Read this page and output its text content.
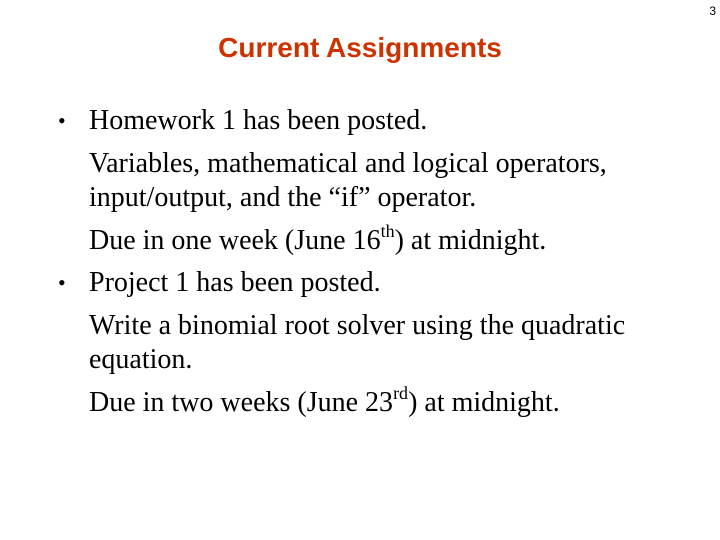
3
Current Assignments
• Homework 1 has been posted.
Variables, mathematical and logical operators, input/output, and the “if” operator.
Due in one week (June 16th) at midnight.
• Project 1 has been posted.
Write a binomial root solver using the quadratic equation.
Due in two weeks (June 23rd) at midnight.
